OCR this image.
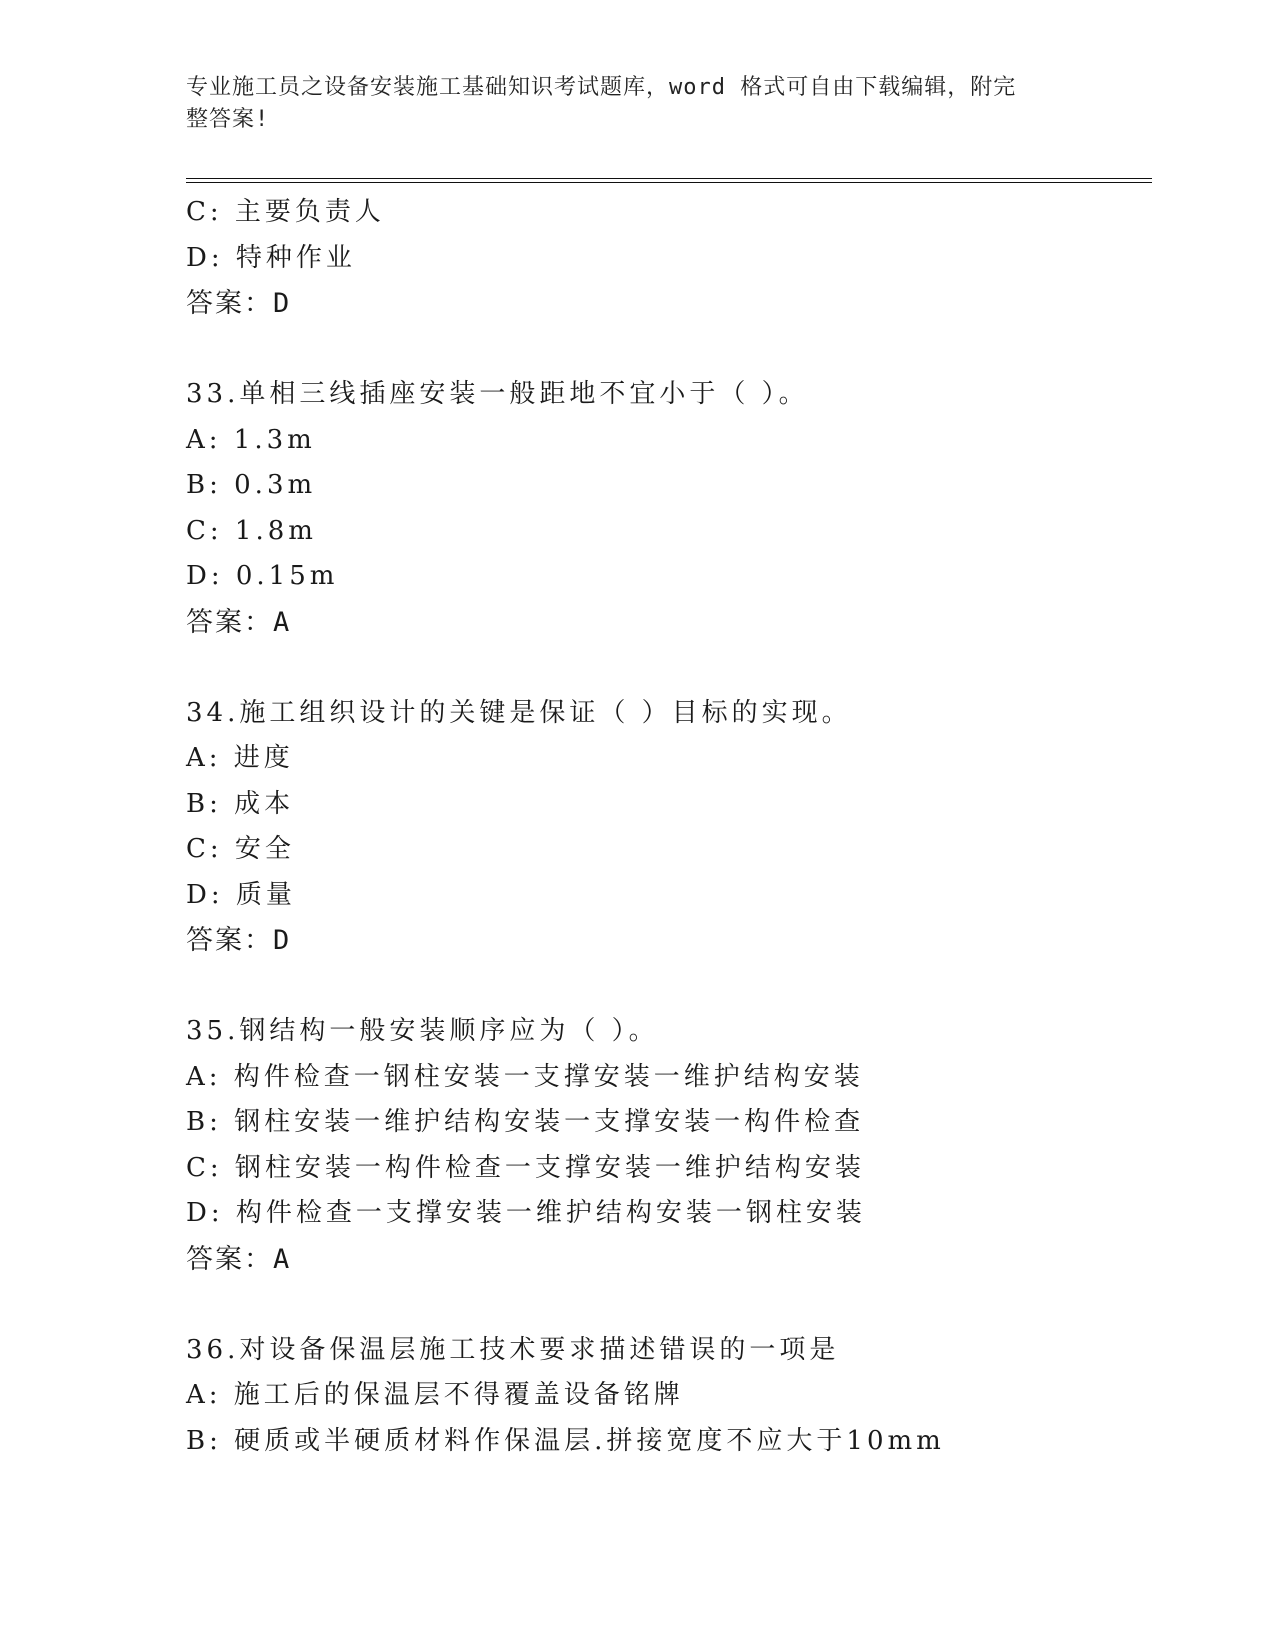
专业施工员之设备安装施工基础知识考试题库，word 格式可自由下载编辑，附完
整答案!
C: 主要负责人
D: 特种作业
答案：D
33.单相三线插座安装一般距地不宜小于（ ）。
A: 1.3m
B: 0.3m
C: 1.8m
D: 0.15m
答案：A
34.施工组织设计的关键是保证（ ）目标的实现。
A: 进度
B: 成本
C: 安全
D: 质量
答案：D
35.钢结构一般安装顺序应为（ ）。
A: 构件检查一钢柱安装一支撑安装一维护结构安装
B: 钢柱安装一维护结构安装一支撑安装一构件检查
C: 钢柱安装一构件检查一支撑安装一维护结构安装
D: 构件检查一支撑安装一维护结构安装一钢柱安装
答案：A
36.对设备保温层施工技术要求描述错误的一项是
A: 施工后的保温层不得覆盖设备铭牌
B: 硬质或半硬质材料作保温层.拼接宽度不应大于10mm
